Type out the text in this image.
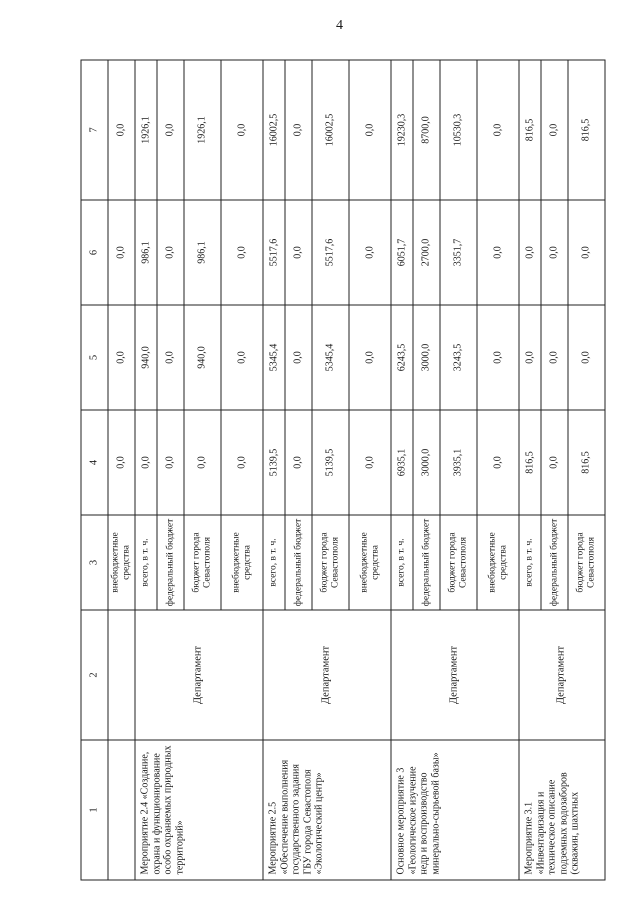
4
1	2	3	4	5	6	7
		внебюджетные средства	0,0	0,0	0,0	0,0
Мероприятие 2.4 «Создание, охрана и функционирование особо охраняемых природных территорий»	Департамент	всего, в т. ч.	0,0	940,0	986,1	1926,1
		федеральный бюджет	0,0	0,0	0,0	0,0
		бюджет города Севастополя	0,0	940,0	986,1	1926,1
		внебюджетные средства	0,0	0,0	0,0	0,0
Мероприятие 2.5 «Обеспечение выполнения государственного задания ГБУ города Севастополя «Экологический центр»	Департамент	всего, в т. ч.	5139,5	5345,4	5517,6	16002,5
		федеральный бюджет	0,0	0,0	0,0	0,0
		бюджет города Севастополя	5139,5	5345,4	5517,6	16002,5
		внебюджетные средства	0,0	0,0	0,0	0,0
Основное мероприятие 3 «Геологическое изучение недр и воспроизводство минерально-сырьевой базы»	Департамент	всего, в т. ч.	6935,1	6243,5	6051,7	19230,3
		федеральный бюджет	3000,0	3000,0	2700,0	8700,0
		бюджет города Севастополя	3935,1	3243,5	3351,7	10530,3
		внебюджетные средства	0,0	0,0	0,0	0,0
Мероприятие 3.1 «Инвентаризация и техническое описание подземных водозаборов (скважин, шахтных	Департамент	всего, в т. ч.	816,5	0,0	0,0	816,5
		федеральный бюджет	0,0	0,0	0,0	0,0
		бюджет города Севастополя	816,5	0,0	0,0	816,5
